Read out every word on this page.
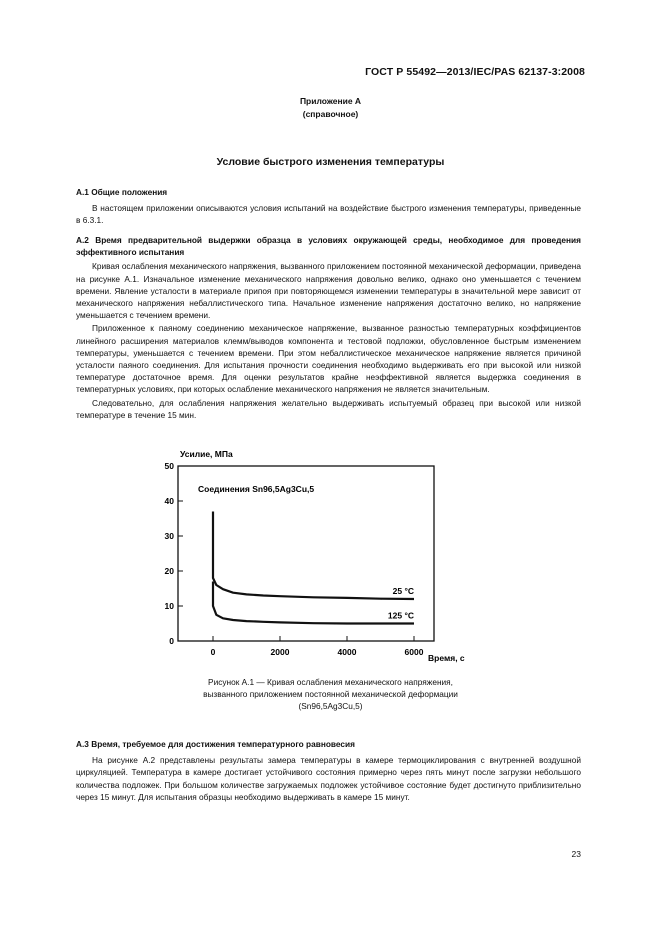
ГОСТ Р 55492—2013/IEC/PAS 62137-3:2008
Приложение А
(справочное)
Условие быстрого изменения температуры
А.1 Общие положения
В настоящем приложении описываются условия испытаний на воздействие быстрого изменения температуры, приведенные в 6.3.1.
А.2 Время предварительной выдержки образца в условиях окружающей среды, необходимое для проведения эффективного испытания
Кривая ослабления механического напряжения, вызванного приложением постоянной механической деформации, приведена на рисунке А.1. Изначальное изменение механического напряжения довольно велико, однако оно уменьшается с течением времени. Явление усталости в материале припоя при повторяющемся изменении температуры в значительной мере зависит от механического напряжения небаллистического типа. Начальное изменение напряжения достаточно велико, но напряжение уменьшается с течением времени.
Приложенное к паяному соединению механическое напряжение, вызванное разностью температурных коэффициентов линейного расширения материалов клемм/выводов компонента и тестовой подложки, обусловленное быстрым изменением температуры, уменьшается с течением времени. При этом небаллистическое механическое напряжение является причиной усталости паяного соединения. Для испытания прочности соединения необходимо выдерживать его при высокой или низкой температуре достаточное время. Для оценки результатов крайне неэффективной является выдержка соединения в температурных условиях, при которых ослабление механического напряжения не является значительным.
Следовательно, для ослабления напряжения желательно выдерживать испытуемый образец при высокой или низкой температуре в течение 15 мин.
Усилие, МПа
Соединения Sn96,5Ag3Cu,5
Время, с
0
10
20
30
40
50
0	2000	4000	6000
25 °C
125 °C
Рисунок А.1 — Кривая ослабления механического напряжения,
вызванного приложением постоянной механической деформации
(Sn96,5Ag3Cu,5)
А.3 Время, требуемое для достижения температурного равновесия
На рисунке А.2 представлены результаты замера температуры в камере термоциклирования с внутренней воздушной циркуляцией. Температура в камере достигает устойчивого состояния примерно через пять минут после загрузки небольшого количества подложек. При большом количестве загружаемых подложек устойчивое состояние будет достигнуто приблизительно через 15 минут. Для испытания образцы необходимо выдерживать в камере 15 минут.
23
